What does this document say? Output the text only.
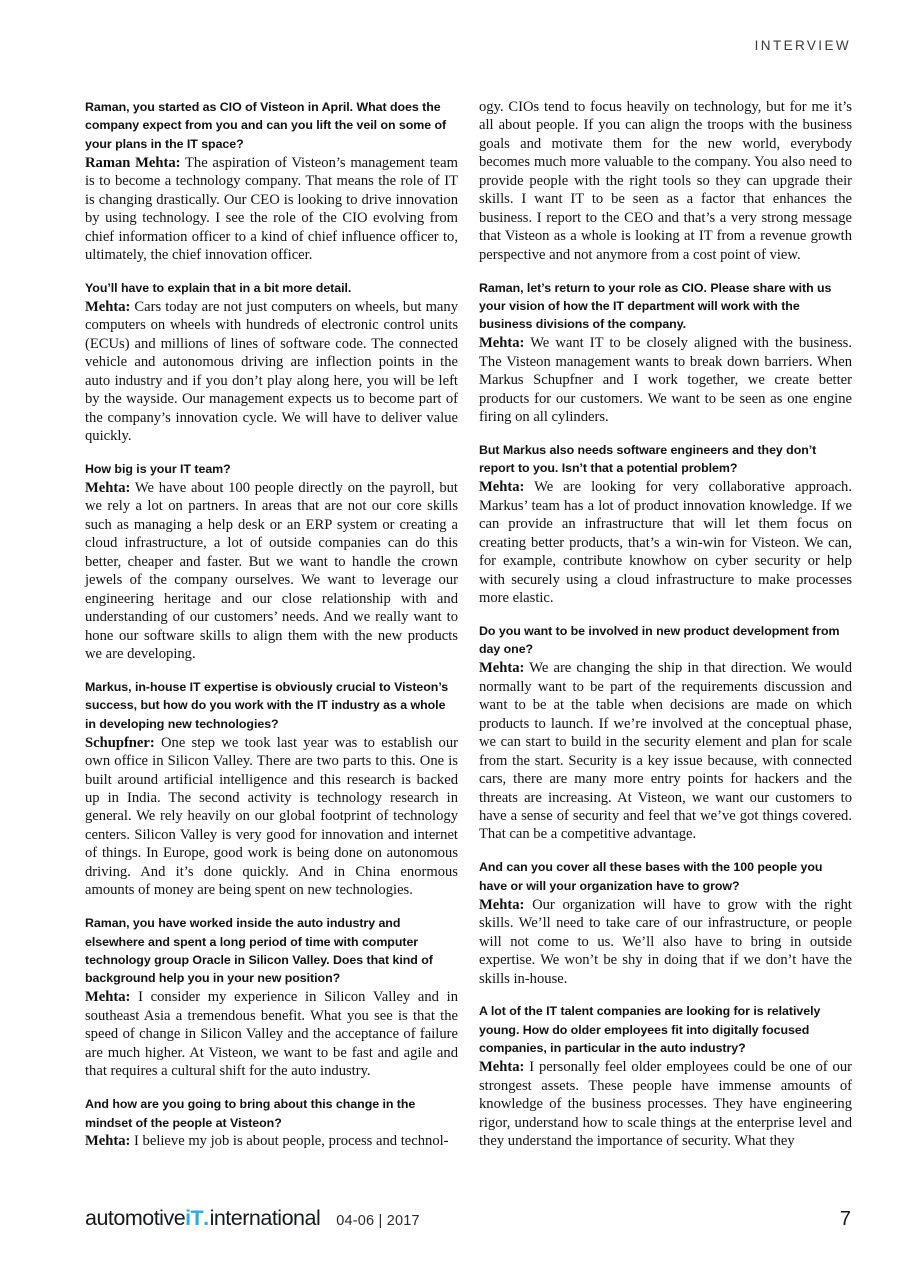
INTERVIEW

Raman, you started as CIO of Visteon in April. What does the company expect from you and can you lift the veil on some of your plans in the IT space?

Raman Mehta: The aspiration of Visteon’s management team is to become a technology company. That means the role of IT is changing drastically. Our CEO is looking to drive innovation by using technology. I see the role of the CIO evolving from chief information officer to a kind of chief influence officer to, ultimately, the chief innovation officer.

You’ll have to explain that in a bit more detail.

Mehta: Cars today are not just computers on wheels, but many computers on wheels with hundreds of electronic control units (ECUs) and millions of lines of software code. The connected vehicle and autonomous driving are inflection points in the auto industry and if you don’t play along here, you will be left by the wayside. Our management expects us to become part of the company’s innovation cycle. We will have to deliver value quickly.

How big is your IT team?

Mehta: We have about 100 people directly on the payroll, but we rely a lot on partners. In areas that are not our core skills such as managing a help desk or an ERP system or creating a cloud infrastructure, a lot of outside companies can do this better, cheaper and faster. But we want to handle the crown jewels of the company ourselves. We want to leverage our engineering heritage and our close relationship with and understanding of our customers’ needs. And we really want to hone our software skills to align them with the new products we are developing.

Markus, in-house IT expertise is obviously crucial to Visteon’s success, but how do you work with the IT industry as a whole in developing new technologies?

Schupfner: One step we took last year was to establish our own office in Silicon Valley. There are two parts to this. One is built around artificial intelligence and this research is backed up in India. The second activity is technology research in general. We rely heavily on our global footprint of technology centers. Silicon Valley is very good for innovation and internet of things. In Europe, good work is being done on autonomous driving. And it’s done quickly. And in China enormous amounts of money are being spent on new technologies.

Raman, you have worked inside the auto industry and elsewhere and spent a long period of time with computer technology group Oracle in Silicon Valley. Does that kind of background help you in your new position?

Mehta: I consider my experience in Silicon Valley and in southeast Asia a tremendous benefit. What you see is that the speed of change in Silicon Valley and the acceptance of failure are much higher. At Visteon, we want to be fast and agile and that requires a cultural shift for the auto industry.

And how are you going to bring about this change in the mindset of the people at Visteon?

Mehta: I believe my job is about people, process and technol-

ogy. CIOs tend to focus heavily on technology, but for me it’s all about people. If you can align the troops with the business goals and motivate them for the new world, everybody becomes much more valuable to the company. You also need to provide people with the right tools so they can upgrade their skills. I want IT to be seen as a factor that enhances the business. I report to the CEO and that’s a very strong message that Visteon as a whole is looking at IT from a revenue growth perspective and not anymore from a cost point of view.

Raman, let’s return to your role as CIO. Please share with us your vision of how the IT department will work with the business divisions of the company.

Mehta: We want IT to be closely aligned with the business. The Visteon management wants to break down barriers. When Markus Schupfner and I work together, we create better products for our customers. We want to be seen as one engine firing on all cylinders.

But Markus also needs software engineers and they don’t report to you. Isn’t that a potential problem?

Mehta: We are looking for very collaborative approach. Markus’ team has a lot of product innovation knowledge. If we can provide an infrastructure that will let them focus on creating better products, that’s a win-win for Visteon. We can, for example, contribute knowhow on cyber security or help with securely using a cloud infrastructure to make processes more elastic.

Do you want to be involved in new product development from day one?

Mehta: We are changing the ship in that direction. We would normally want to be part of the requirements discussion and want to be at the table when decisions are made on which products to launch. If we’re involved at the conceptual phase, we can start to build in the security element and plan for scale from the start. Security is a key issue because, with connected cars, there are many more entry points for hackers and the threats are increasing. At Visteon, we want our customers to have a sense of security and feel that we’ve got things covered. That can be a competitive advantage.

And can you cover all these bases with the 100 people you have or will your organization have to grow?

Mehta: Our organization will have to grow with the right skills. We’ll need to take care of our infrastructure, or people will not come to us. We’ll also have to bring in outside expertise. We won’t be shy in doing that if we don’t have the skills in-house.

A lot of the IT talent companies are looking for is relatively young. How do older employees fit into digitally focused companies, in particular in the auto industry?

Mehta: I personally feel older employees could be one of our strongest assets. These people have immense amounts of knowledge of the business processes. They have engineering rigor, understand how to scale things at the enterprise level and they understand the importance of security. What they

automotiveiT.international 04-06 | 2017	7
